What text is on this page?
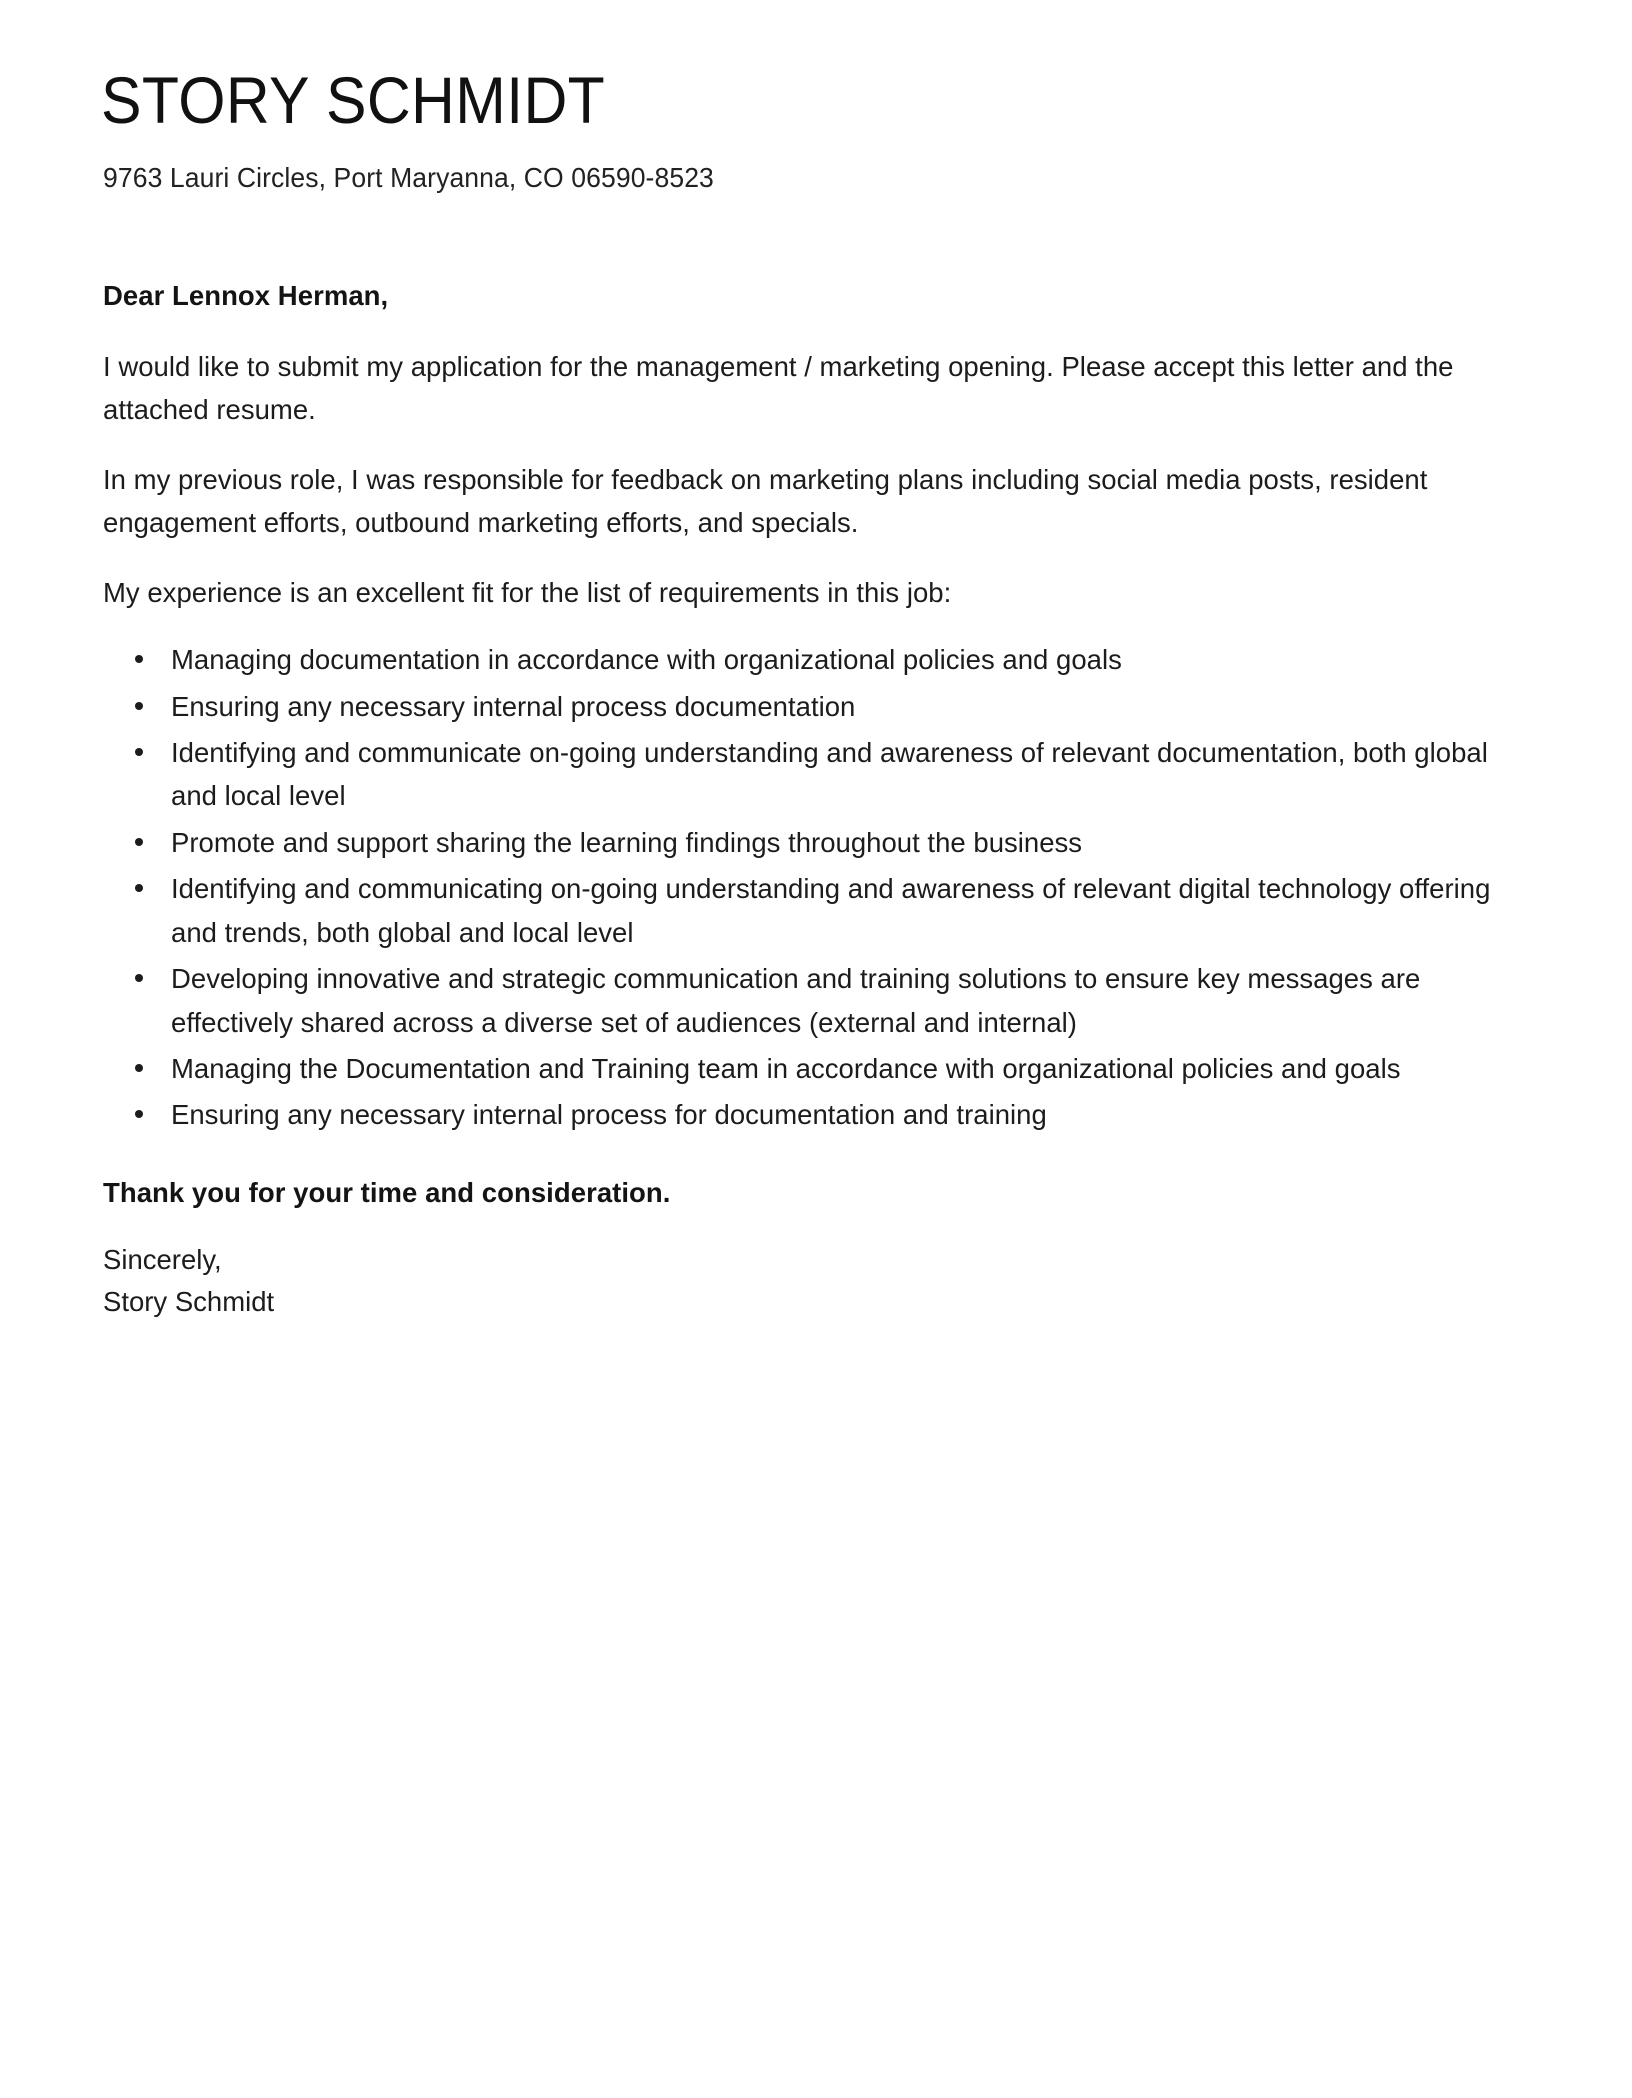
STORY SCHMIDT
9763 Lauri Circles, Port Maryanna, CO 06590-8523
Dear Lennox Herman,

I would like to submit my application for the management / marketing opening. Please accept this letter and the attached resume.

In my previous role, I was responsible for feedback on marketing plans including social media posts, resident engagement efforts, outbound marketing efforts, and specials.

My experience is an excellent fit for the list of requirements in this job:

Managing documentation in accordance with organizational policies and goals
Ensuring any necessary internal process documentation
Identifying and communicate on-going understanding and awareness of relevant documentation, both global and local level
Promote and support sharing the learning findings throughout the business
Identifying and communicating on-going understanding and awareness of relevant digital technology offering and trends, both global and local level
Developing innovative and strategic communication and training solutions to ensure key messages are effectively shared across a diverse set of audiences (external and internal)
Managing the Documentation and Training team in accordance with organizational policies and goals
Ensuring any necessary internal process for documentation and training
Thank you for your time and consideration.
Sincerely,
Story Schmidt
